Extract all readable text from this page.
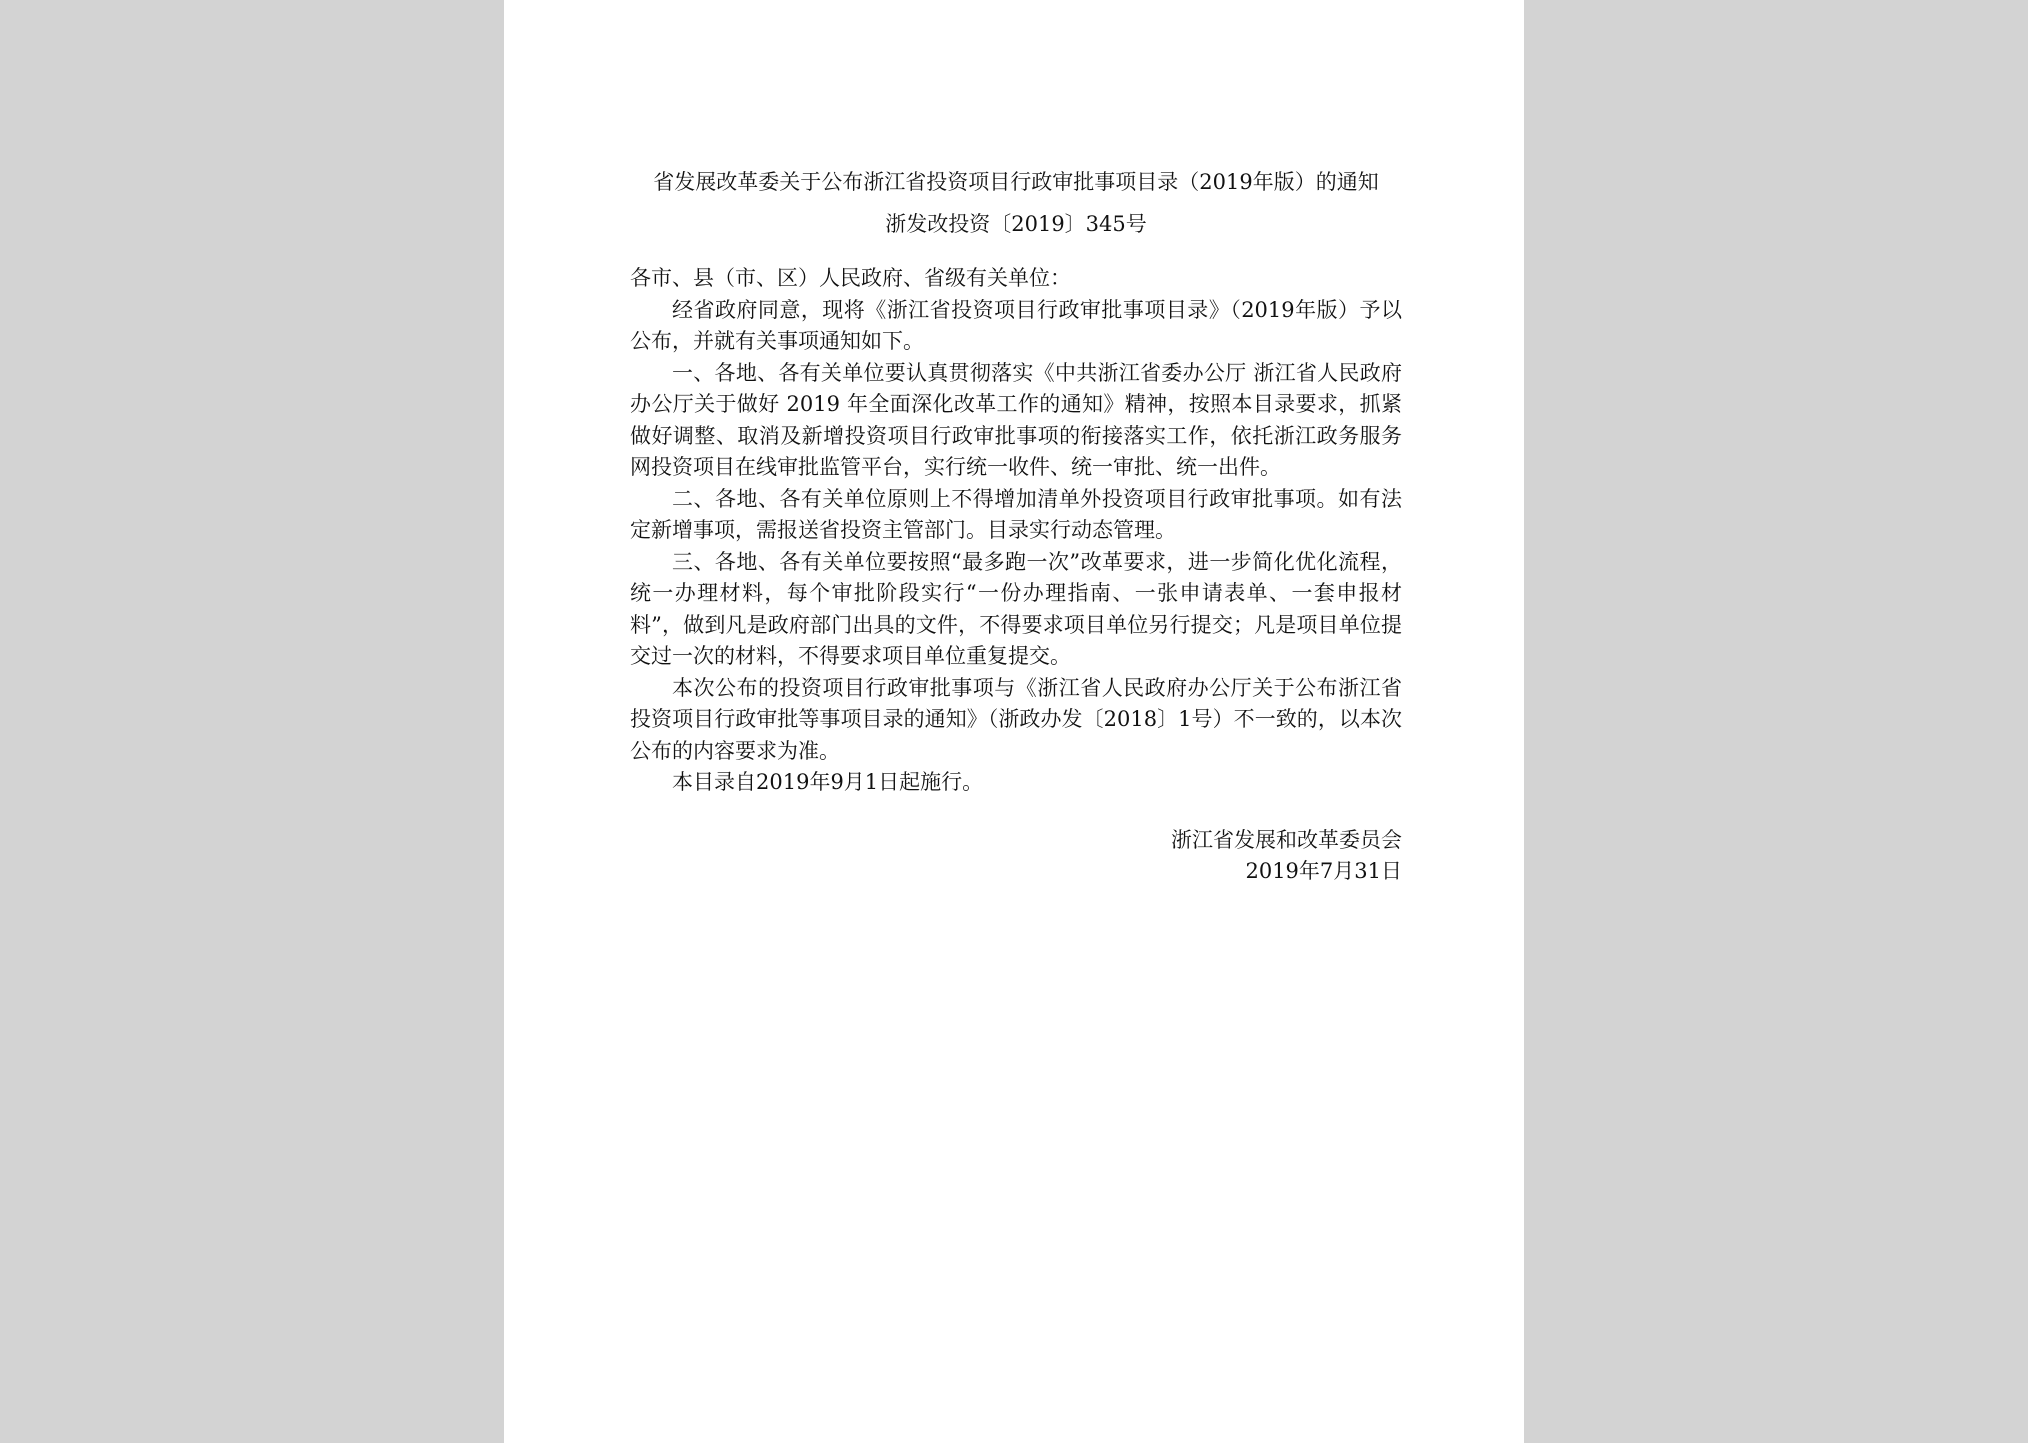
省发展改革委关于公布浙江省投资项目行政审批事项目录（2019年版）的通知
浙发改投资〔2019〕345号
各市、县（市、区）人民政府、省级有关单位：

经省政府同意，现将《浙江省投资项目行政审批事项目录》（2019年版）予以公布，并就有关事项通知如下。

一、各地、各有关单位要认真贯彻落实《中共浙江省委办公厅 浙江省人民政府办公厅关于做好 2019 年全面深化改革工作的通知》精神，按照本目录要求，抓紧做好调整、取消及新增投资项目行政审批事项的衔接落实工作，依托浙江政务服务网投资项目在线审批监管平台，实行统一收件、统一审批、统一出件。

二、各地、各有关单位原则上不得增加清单外投资项目行政审批事项。如有法定新增事项，需报送省投资主管部门。目录实行动态管理。

三、各地、各有关单位要按照“最多跑一次”改革要求，进一步简化优化流程，统一办理材料，每个审批阶段实行“一份办理指南、一张申请表单、一套申报材料”，做到凡是政府部门出具的文件，不得要求项目单位另行提交；凡是项目单位提交过一次的材料，不得要求项目单位重复提交。

本次公布的投资项目行政审批事项与《浙江省人民政府办公厅关于公布浙江省投资项目行政审批等事项目录的通知》（浙政办发〔2018〕1号）不一致的，以本次公布的内容要求为准。

本目录自2019年9月1日起施行。

浙江省发展和改革委员会
2019年7月31日
